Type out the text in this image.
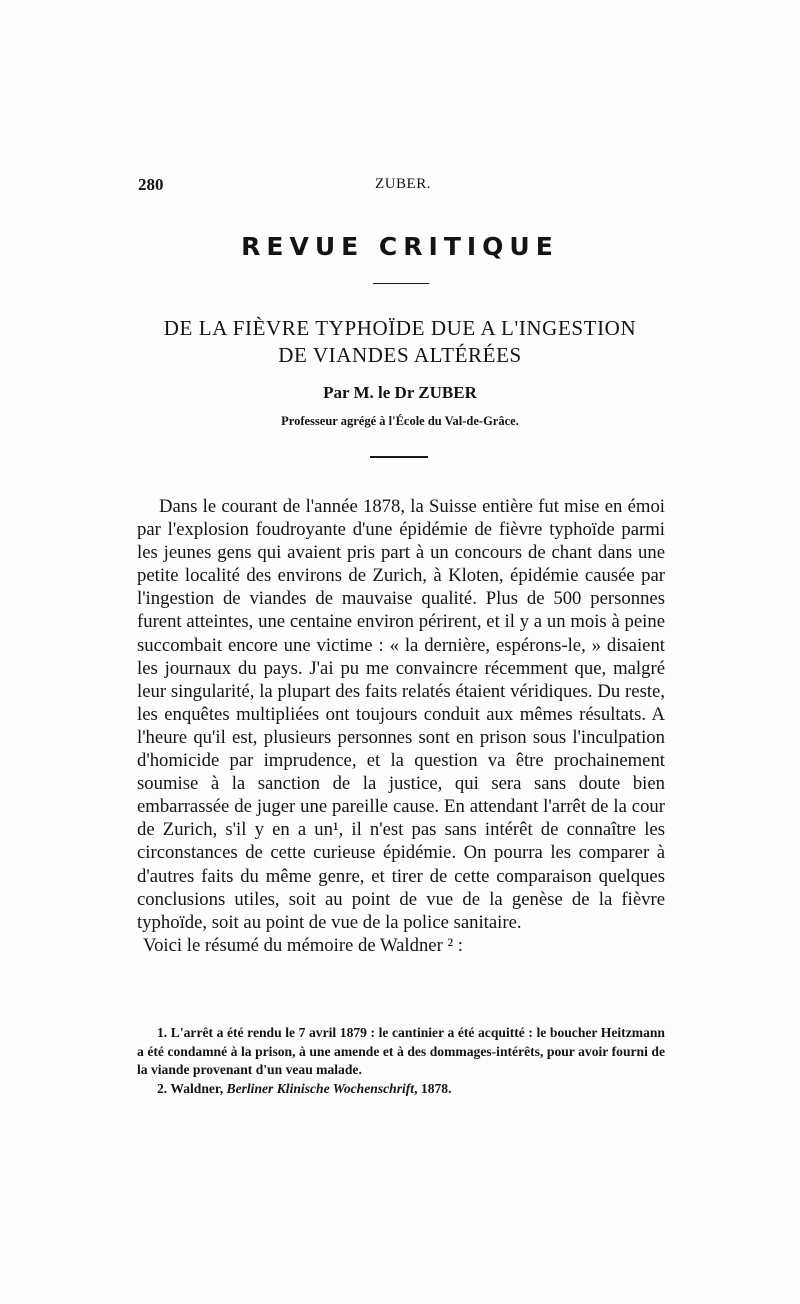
280	ZUBER.
REVUE CRITIQUE
DE LA FIÈVRE TYPHOÏDE DUE A L'INGESTION
DE VIANDES ALTÉRÉES
Par M. le Dr ZUBER
Professeur agrégé à l'École du Val-de-Grâce.

Dans le courant de l'année 1878, la Suisse entière fut mise en émoi par l'explosion foudroyante d'une épidémie de fièvre typhoïde parmi les jeunes gens qui avaient pris part à un concours de chant dans une petite localité des environs de Zurich, à Kloten, épidémie causée par l'ingestion de viandes de mauvaise qualité. Plus de 500 personnes furent atteintes, une centaine environ périrent, et il y a un mois à peine succombait encore une victime : « la dernière, espérons-le, » disaient les journaux du pays. J'ai pu me convaincre récemment que, malgré leur singularité, la plupart des faits relatés étaient véridiques. Du reste, les enquêtes multipliées ont toujours conduit aux mêmes résultats. A l'heure qu'il est, plusieurs personnes sont en prison sous l'inculpation d'homicide par imprudence, et la question va être prochainement soumise à la sanction de la justice, qui sera sans doute bien embarrassée de juger une pareille cause. En attendant l'arrêt de la cour de Zurich, s'il y en a un¹, il n'est pas sans intérêt de connaître les circonstances de cette curieuse épidémie. On pourra les comparer à d'autres faits du même genre, et tirer de cette comparaison quelques conclusions utiles, soit au point de vue de la genèse de la fièvre typhoïde, soit au point de vue de la police sanitaire.

Voici le résumé du mémoire de Waldner ² :

1. L'arrêt a été rendu le 7 avril 1879 : le cantinier a été acquitté : le boucher Heitzmann a été condamné à la prison, à une amende et à des dommages-intérêts, pour avoir fourni de la viande provenant d'un veau malade.

2. Waldner, Berliner Klinische Wochenschrift, 1878.
